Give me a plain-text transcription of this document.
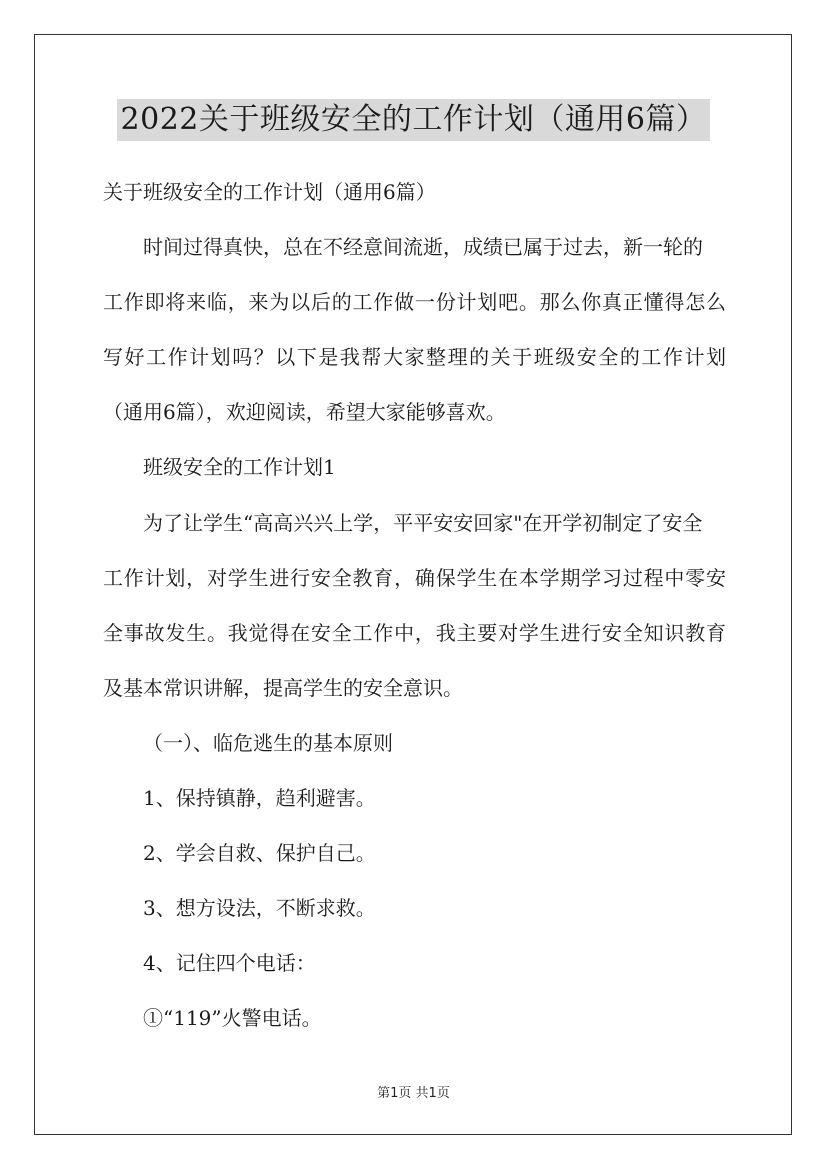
2022关于班级安全的工作计划（通用6篇）
关于班级安全的工作计划（通用6篇）
时间过得真快，总在不经意间流逝，成绩已属于过去，新一轮的
工作即将来临，来为以后的工作做一份计划吧。那么你真正懂得怎么
写好工作计划吗？以下是我帮大家整理的关于班级安全的工作计划
（通用6篇），欢迎阅读，希望大家能够喜欢。
班级安全的工作计划1
为了让学生“高高兴兴上学，平平安安回家"在开学初制定了安全
工作计划，对学生进行安全教育，确保学生在本学期学习过程中零安
全事故发生。我觉得在安全工作中，我主要对学生进行安全知识教育
及基本常识讲解，提高学生的安全意识。
（一）、临危逃生的基本原则
1、保持镇静，趋利避害。
2、学会自救、保护自己。
3、想方设法，不断求救。
4、记住四个电话：
①“119”火警电话。
第1页 共1页
